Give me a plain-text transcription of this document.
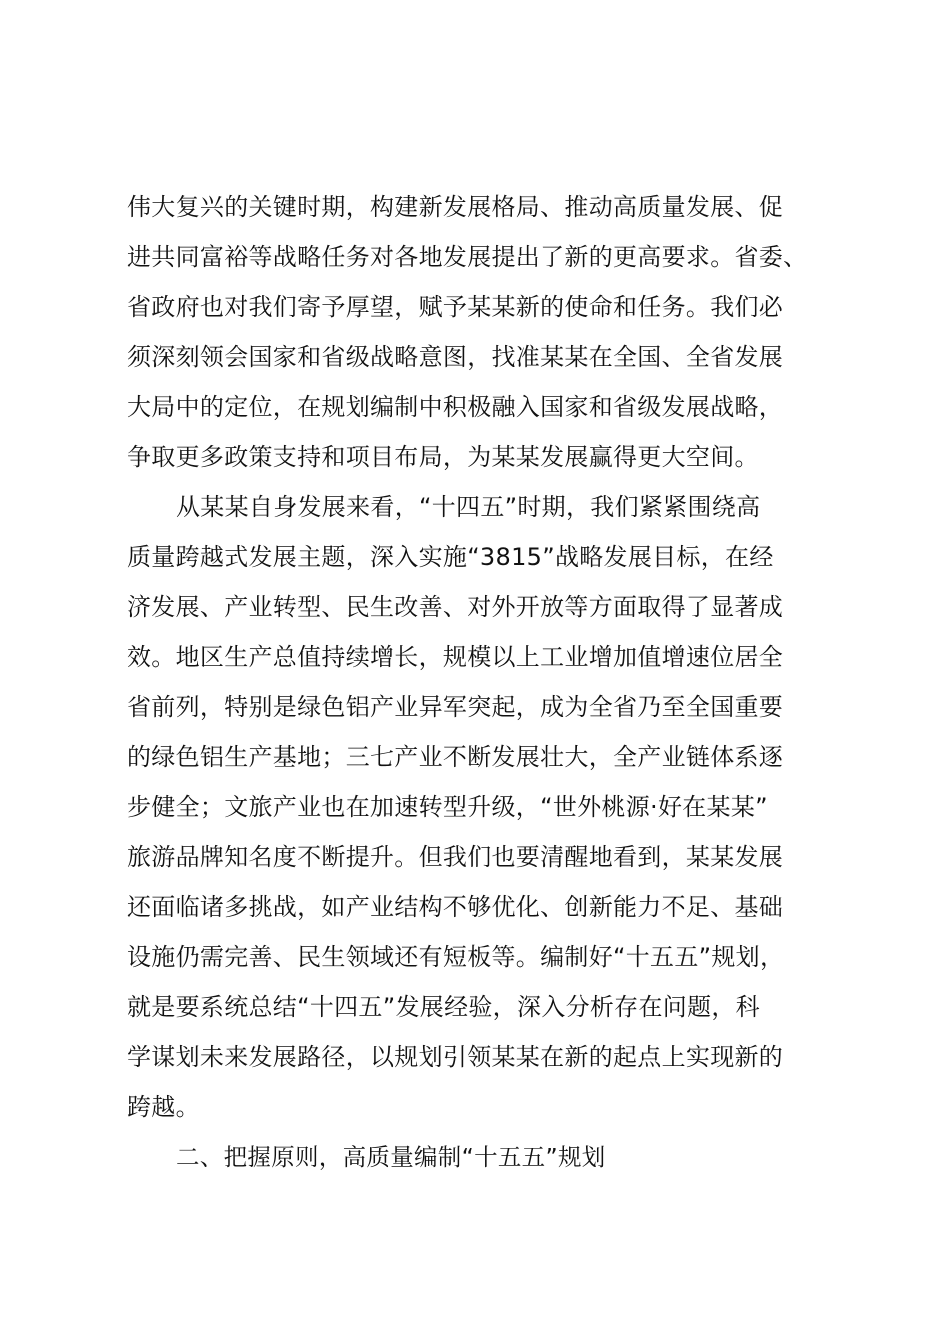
伟大复兴的关键时期，构建新发展格局、推动高质量发展、促
进共同富裕等战略任务对各地发展提出了新的更高要求。省委、
省政府也对我们寄予厚望，赋予某某新的使命和任务。我们必
须深刻领会国家和省级战略意图，找准某某在全国、全省发展
大局中的定位，在规划编制中积极融入国家和省级发展战略，
争取更多政策支持和项目布局，为某某发展赢得更大空间。
从某某自身发展来看，“十四五”时期，我们紧紧围绕高
质量跨越式发展主题，深入实施“3815”战略发展目标，在经
济发展、产业转型、民生改善、对外开放等方面取得了显著成
效。地区生产总值持续增长，规模以上工业增加值增速位居全
省前列，特别是绿色铝产业异军突起，成为全省乃至全国重要
的绿色铝生产基地；三七产业不断发展壮大，全产业链体系逐
步健全；文旅产业也在加速转型升级，“世外桃源·好在某某”
旅游品牌知名度不断提升。但我们也要清醒地看到，某某发展
还面临诸多挑战，如产业结构不够优化、创新能力不足、基础
设施仍需完善、民生领域还有短板等。编制好“十五五”规划，
就是要系统总结“十四五”发展经验，深入分析存在问题，科
学谋划未来发展路径，以规划引领某某在新的起点上实现新的
跨越。
二、把握原则，高质量编制“十五五”规划
